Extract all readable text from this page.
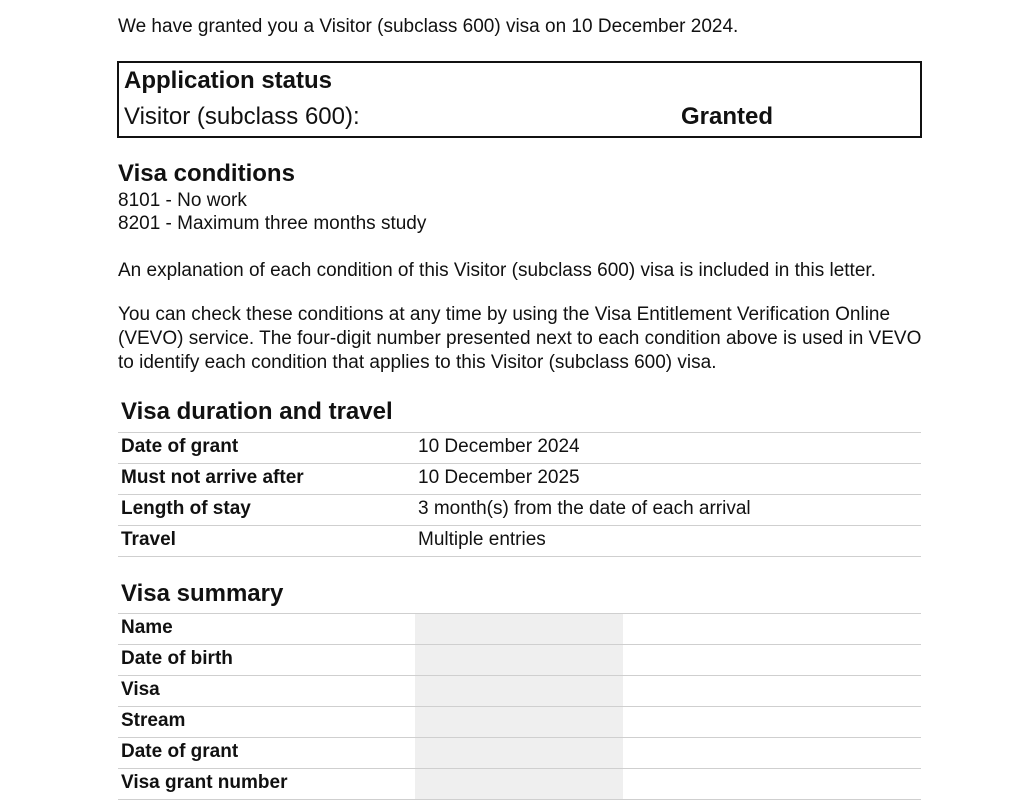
We have granted you a Visitor (subclass 600) visa on 10 December 2024.
Application status
Visitor (subclass 600):	Granted
Visa conditions
8101 - No work
8201 - Maximum three months study
An explanation of each condition of this Visitor (subclass 600) visa is included in this letter.
You can check these conditions at any time by using the Visa Entitlement Verification Online (VEVO) service. The four-digit number presented next to each condition above is used in VEVO to identify each condition that applies to this Visitor (subclass 600) visa.
Visa duration and travel
Date of grant	10 December 2024
Must not arrive after	10 December 2025
Length of stay	3 month(s) from the date of each arrival
Travel	Multiple entries
Visa summary
Name
Date of birth
Visa
Stream
Date of grant
Visa grant number
